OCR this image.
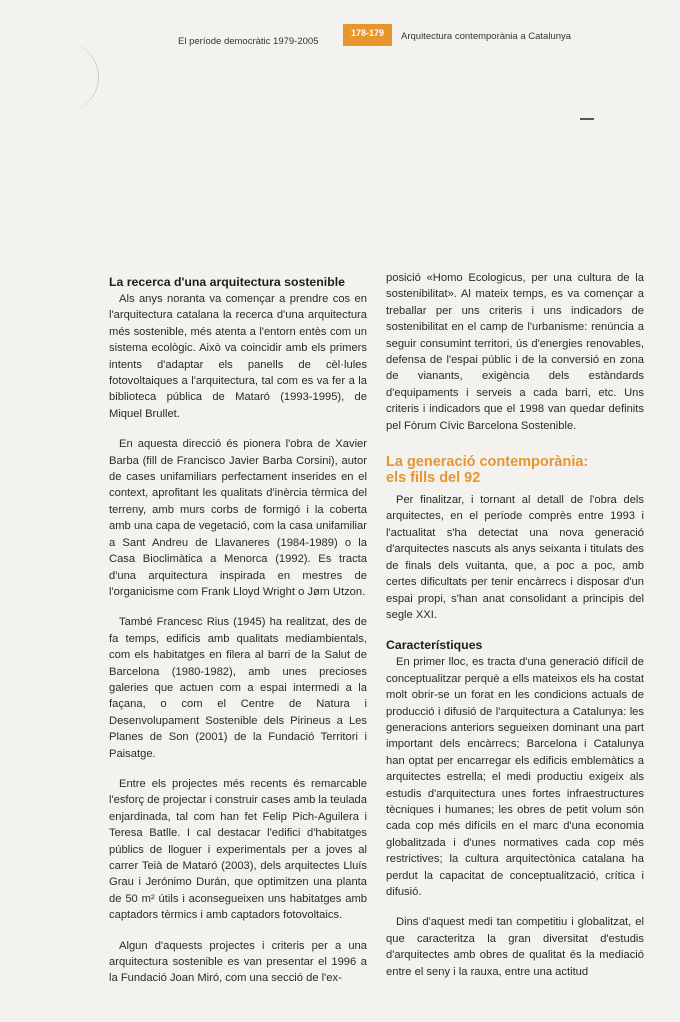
El període democràtic 1979-2005
178-179	Arquitectura contemporània a Catalunya
La recerca d'una arquitectura sostenible

Als anys noranta va començar a prendre cos en l'arquitectura catalana la recerca d'una arquitectura més sostenible, més atenta a l'entorn entès com un sistema ecològic. Això va coincidir amb els primers intents d'adaptar els panells de cèl·lules fotovoltaiques a l'arquitectura, tal com es va fer a la biblioteca pública de Mataró (1993-1995), de Miquel Brullet.

En aquesta direcció és pionera l'obra de Xavier Barba (fill de Francisco Javier Barba Corsini), autor de cases unifamiliars perfectament inserides en el context, aprofitant les qualitats d'inèrcia tèrmica del terreny, amb murs corbs de formigó i la coberta amb una capa de vegetació, com la casa unifamiliar a Sant Andreu de Llavaneres (1984-1989) o la Casa Bioclimàtica a Menorca (1992). Es tracta d'una arquitectura inspirada en mestres de l'organicisme com Frank Lloyd Wright o Jørn Utzon.

També Francesc Rius (1945) ha realitzat, des de fa temps, edificis amb qualitats mediambientals, com els habitatges en filera al barri de la Salut de Barcelona (1980-1982), amb unes precioses galeries que actuen com a espai intermedi a la façana, o com el Centre de Natura i Desenvolupament Sostenible dels Pirineus a Les Planes de Son (2001) de la Fundació Territori i Paisatge.

Entre els projectes més recents és remarcable l'esforç de projectar i construir cases amb la teulada enjardinada, tal com han fet Felip Pich-Aguilera i Teresa Batlle. I cal destacar l'edifici d'habitatges públics de lloguer i experimentals per a joves al carrer Teià de Mataró (2003), dels arquitectes Lluís Grau i Jerónimo Durán, que optimitzen una planta de 50 m² útils i aconsegueixen uns habitatges amb captadors tèrmics i amb captadors fotovoltaics.

Algun d'aquests projectes i criteris per a una arquitectura sostenible es van presentar el 1996 a la Fundació Joan Miró, com una secció de l'ex-

posició «Homo Ecologicus, per una cultura de la sostenibilitat». Al mateix temps, es va començar a treballar per uns criteris i uns indicadors de sostenibilitat en el camp de l'urbanisme: renúncia a seguir consumint territori, ús d'energies renovables, defensa de l'espai públic i de la conversió en zona de vianants, exigència dels estàndards d'equipaments i serveis a cada barri, etc. Uns criteris i indicadors que el 1998 van quedar definits pel Fòrum Cívic Barcelona Sostenible.

La generació contemporània:
els fills del 92

Per finalitzar, i tornant al detall de l'obra dels arquitectes, en el període comprès entre 1993 i l'actualitat s'ha detectat una nova generació d'arquitectes nascuts als anys seixanta i titulats des de finals dels vuitanta, que, a poc a poc, amb certes dificultats per tenir encàrrecs i disposar d'un espai propi, s'han anat consolidant a principis del segle XXI.

Característiques

En primer lloc, es tracta d'una generació difícil de conceptualitzar perquè a ells mateixos els ha costat molt obrir-se un forat en les condicions actuals de producció i difusió de l'arquitectura a Catalunya: les generacions anteriors segueixen dominant una part important dels encàrrecs; Barcelona i Catalunya han optat per encarregar els edificis emblemàtics a arquitectes estrella; el medi productiu exigeix als estudis d'arquitectura unes fortes infraestructures tècniques i humanes; les obres de petit volum són cada cop més difícils en el marc d'una economia globalitzada i d'unes normatives cada cop més restrictives; la cultura arquitectònica catalana ha perdut la capacitat de conceptualització, crítica i difusió.

Dins d'aquest medi tan competitiu i globalitzat, el que caracteritza la gran diversitat d'estudis d'arquitectes amb obres de qualitat és la mediació entre el seny i la rauxa, entre una actitud
